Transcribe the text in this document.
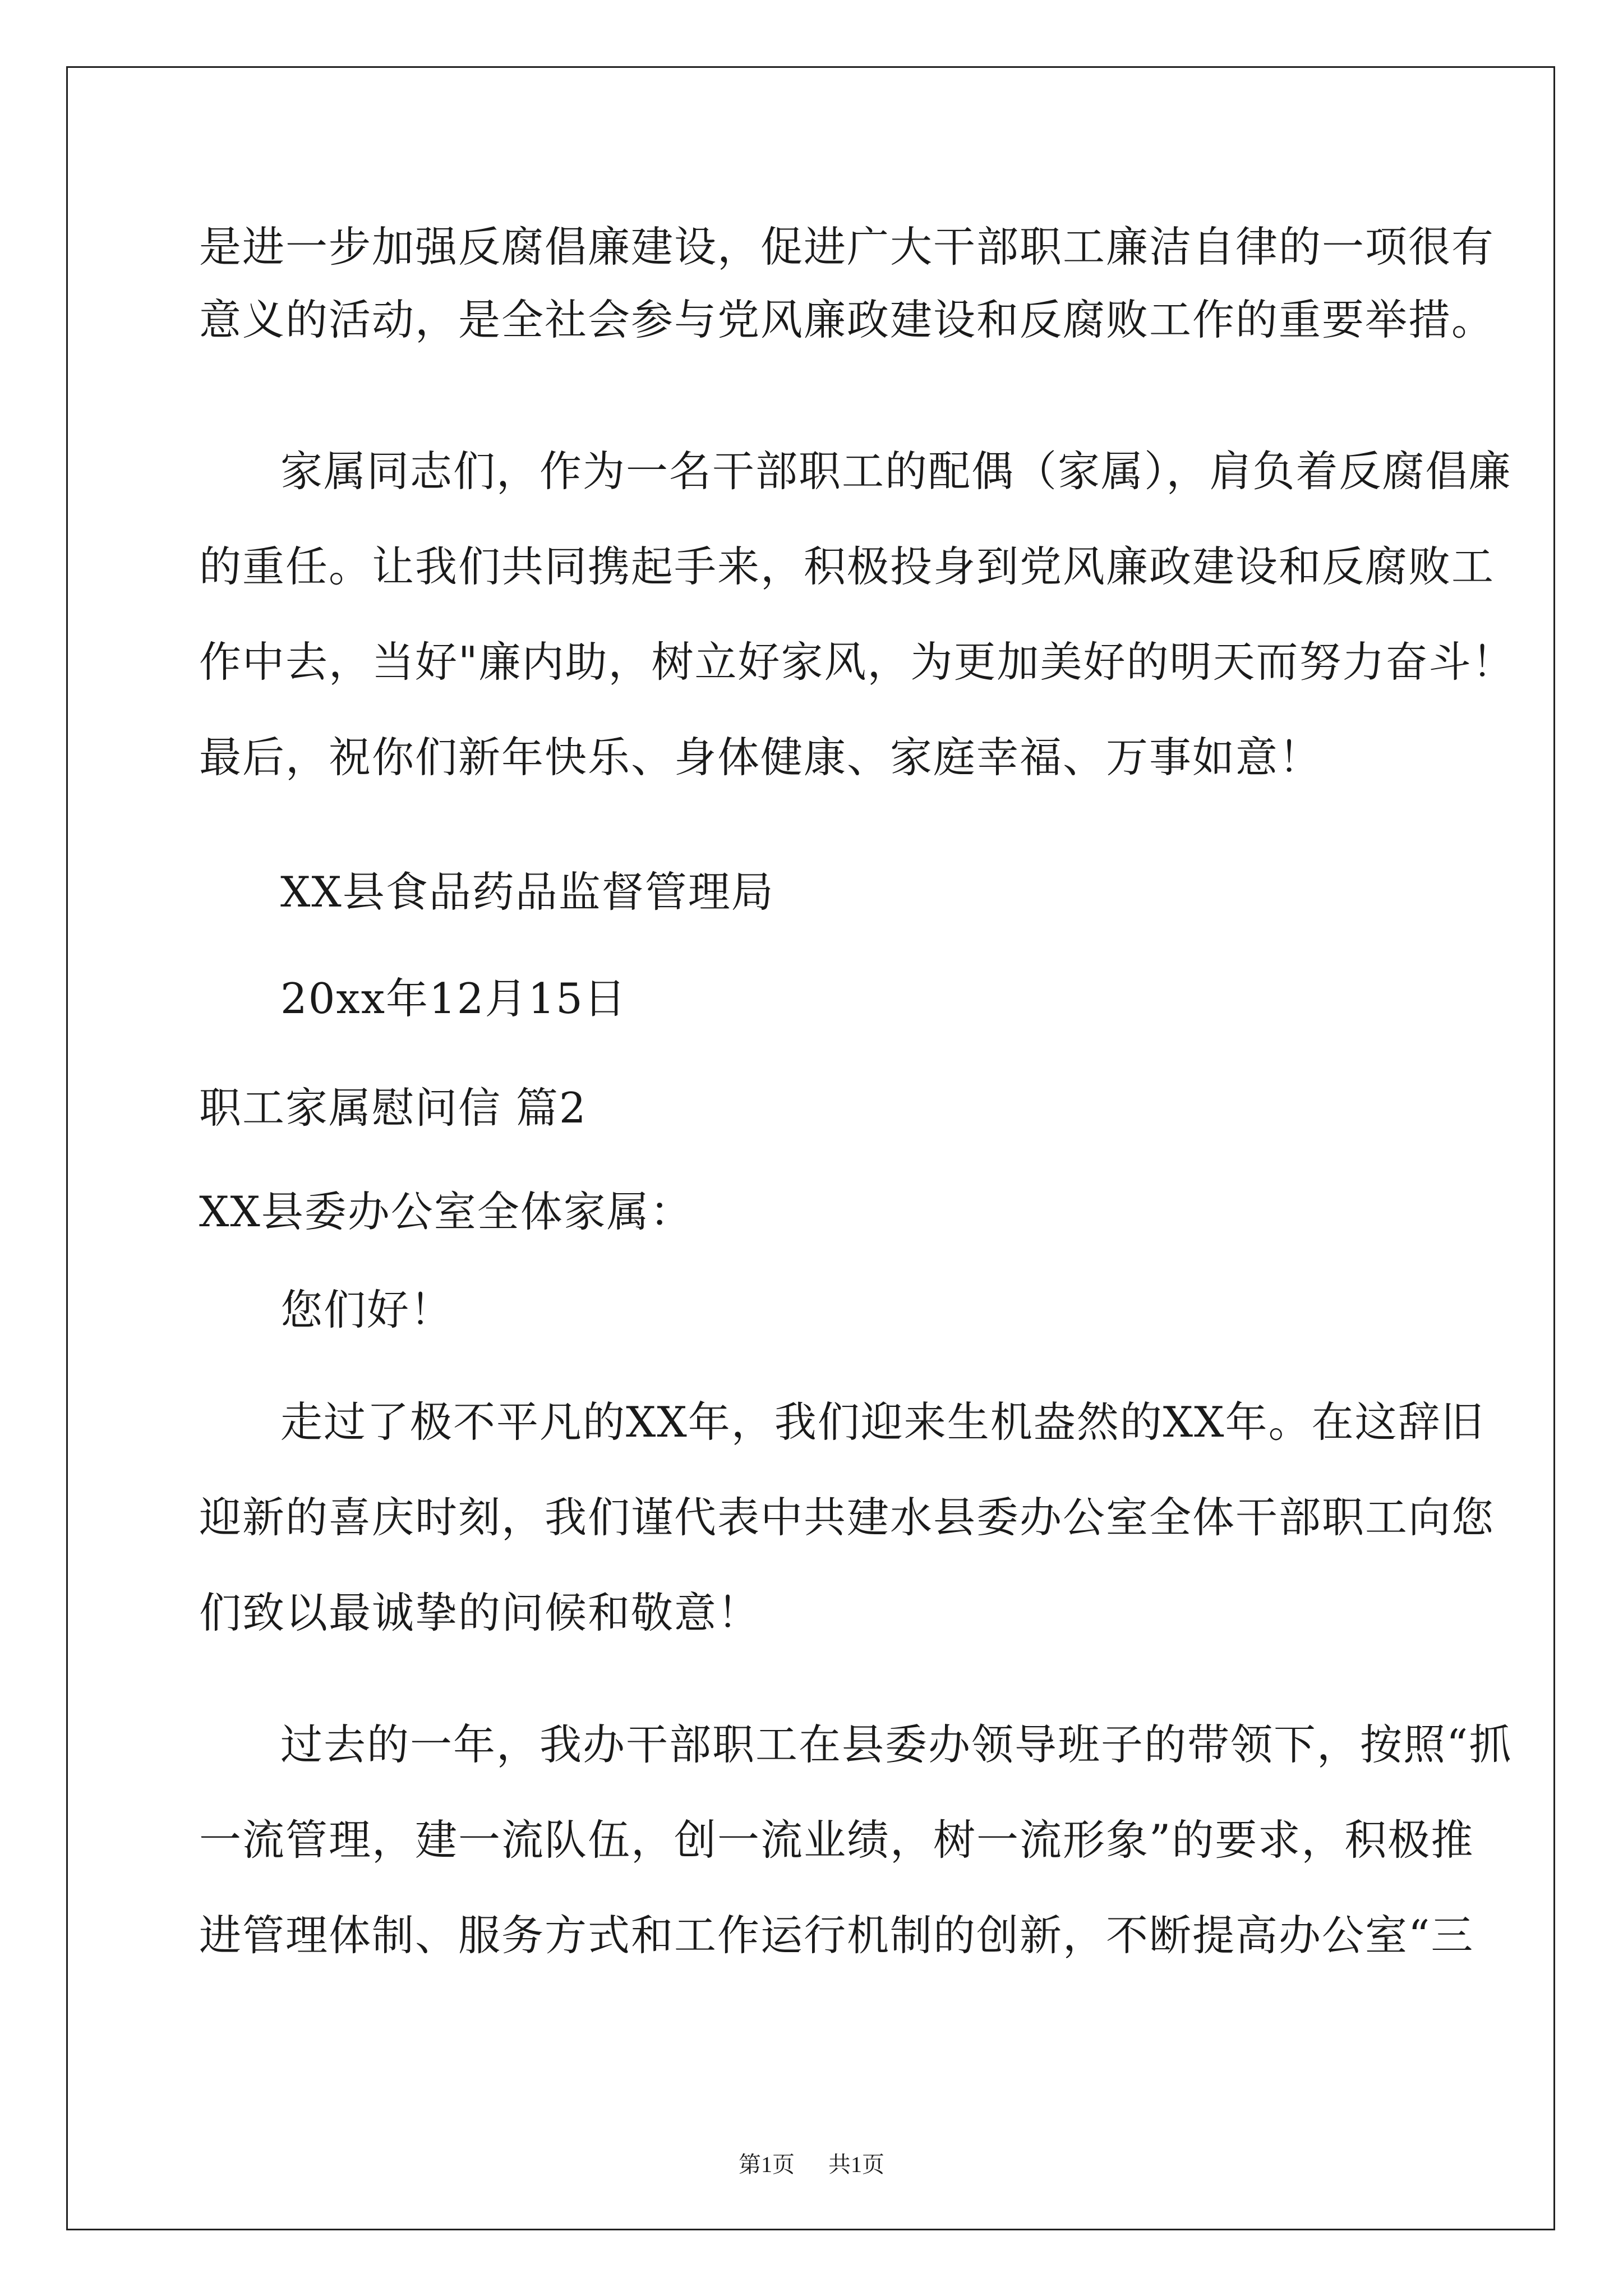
是进一步加强反腐倡廉建设，促进广大干部职工廉洁自律的一项很有
意义的活动，是全社会参与党风廉政建设和反腐败工作的重要举措。
家属同志们，作为一名干部职工的配偶（家属），肩负着反腐倡廉
的重任。让我们共同携起手来，积极投身到党风廉政建设和反腐败工
作中去，当好"廉内助，树立好家风，为更加美好的明天而努力奋斗！
最后，祝你们新年快乐、身体健康、家庭幸福、万事如意！
XX县食品药品监督管理局
20xx年12月15日
职工家属慰问信 篇2
XX县委办公室全体家属：
您们好！
走过了极不平凡的XX年，我们迎来生机盎然的XX年。在这辞旧
迎新的喜庆时刻，我们谨代表中共建水县委办公室全体干部职工向您
们致以最诚挚的问候和敬意！
过去的一年，我办干部职工在县委办领导班子的带领下，按照“抓
一流管理，建一流队伍，创一流业绩，树一流形象”的要求，积极推
进管理体制、服务方式和工作运行机制的创新，不断提高办公室“三
第1页 共1页
